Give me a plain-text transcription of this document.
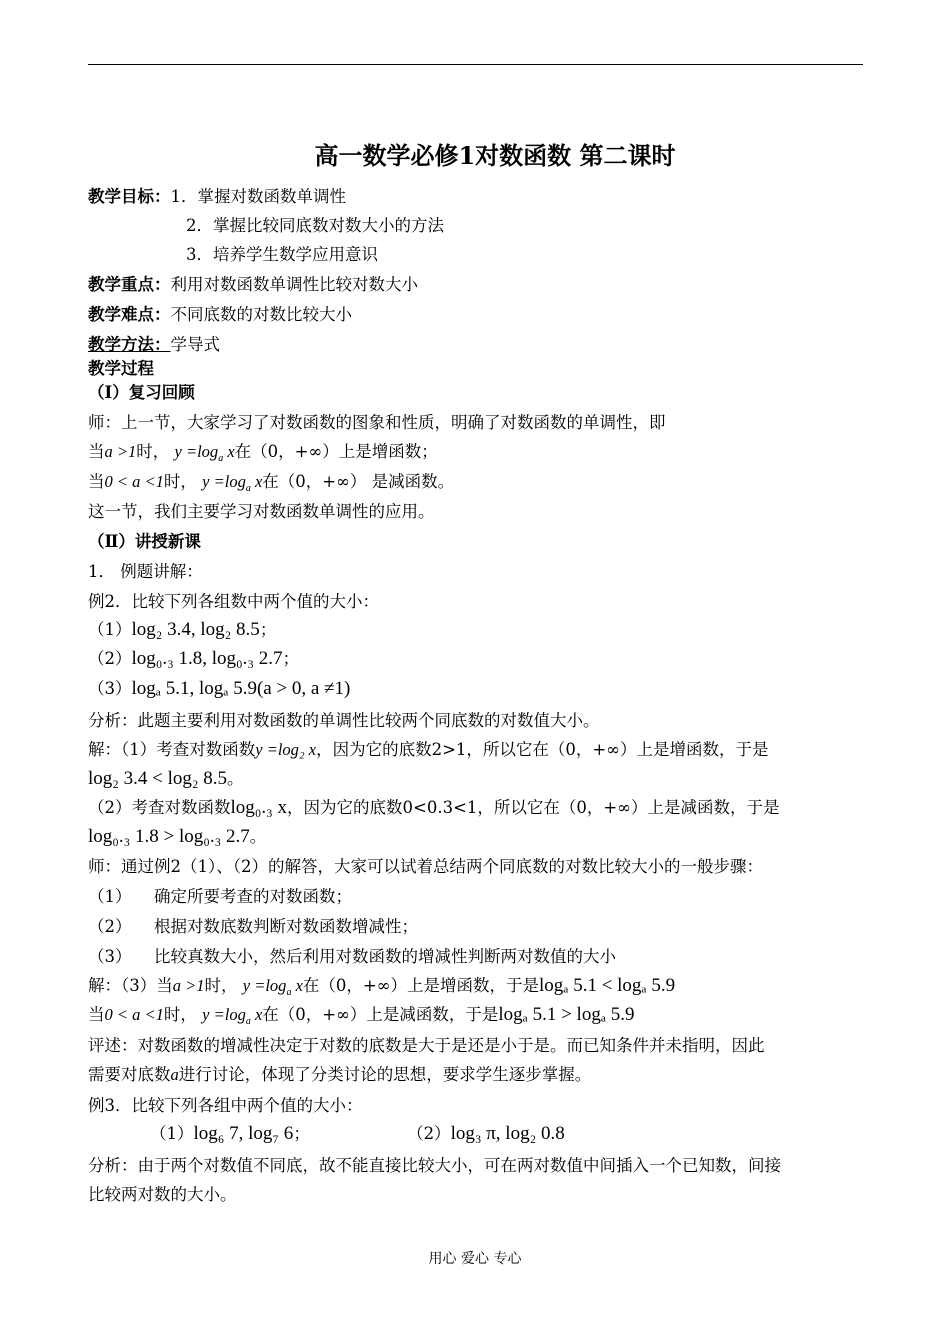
高一数学必修1对数函数 第二课时
教学目标：1．掌握对数函数单调性
2．掌握比较同底数对数大小的方法
3．培养学生数学应用意识
教学重点：利用对数函数单调性比较对数大小
教学难点：不同底数的对数比较大小
教学方法：学导式
教学过程
（I）复习回顾
师：上一节，大家学习了对数函数的图象和性质，明确了对数函数的单调性，即
当a >1时， $y =\log_a$ x在（0，+∞）上是增函数；
当0 < a <1时， $y =\log_a$ x在（0，+∞） 是减函数。
这一节，我们主要学习对数函数单调性的应用。
（Ⅱ）讲授新课
1． 例题讲解：
例2．比较下列各组数中两个值的大小：
（1）log₂ 3.4, log₂ 8.5；
（2）log₀.₃ 1.8, log₀.₃ 2.7；
（3）logₐ 5.1, logₐ 5.9(a > 0, a ≠1)
分析：此题主要利用对数函数的单调性比较两个同底数的对数值大小。
解：（1）考查对数函数y =log₂ x，因为它的底数2>1，所以它在（0，+∞）上是增函数，于是
log₂ 3.4 < log₂ 8.5。
（2）考查对数函数log₀.₃ x，因为它的底数0<0.3<1，所以它在（0，+∞）上是减函数，于是
log₀.₃ 1.8 > log₀.₃ 2.7。
师：通过例2（1）、（2）的解答，大家可以试着总结两个同底数的对数比较大小的一般步骤：
（1） 确定所要考查的对数函数；
（2） 根据对数底数判断对数函数增减性；
（3） 比较真数大小，然后利用对数函数的增减性判断两对数值的大小
解：（3）当a >1时， $y =\log_a$ x在（0，+∞）上是增函数，于是logₐ 5.1 < logₐ 5.9
当0 < a <1时， $y =\log_a$ x在（0，+∞）上是减函数，于是logₐ 5.1 > logₐ 5.9
评述：对数函数的增减性决定于对数的底数是大于是还是小于是。而已知条件并未指明，因此
需要对底数a进行讨论，体现了分类讨论的思想，要求学生逐步掌握。
例3．比较下列各组中两个值的大小：
（1）log₆ 7, log₇ 6；	（2）log₃ π, log₂ 0.8
分析：由于两个对数值不同底，故不能直接比较大小，可在两对数值中间插入一个已知数，间接
比较两对数的大小。
用心 爱心 专心
